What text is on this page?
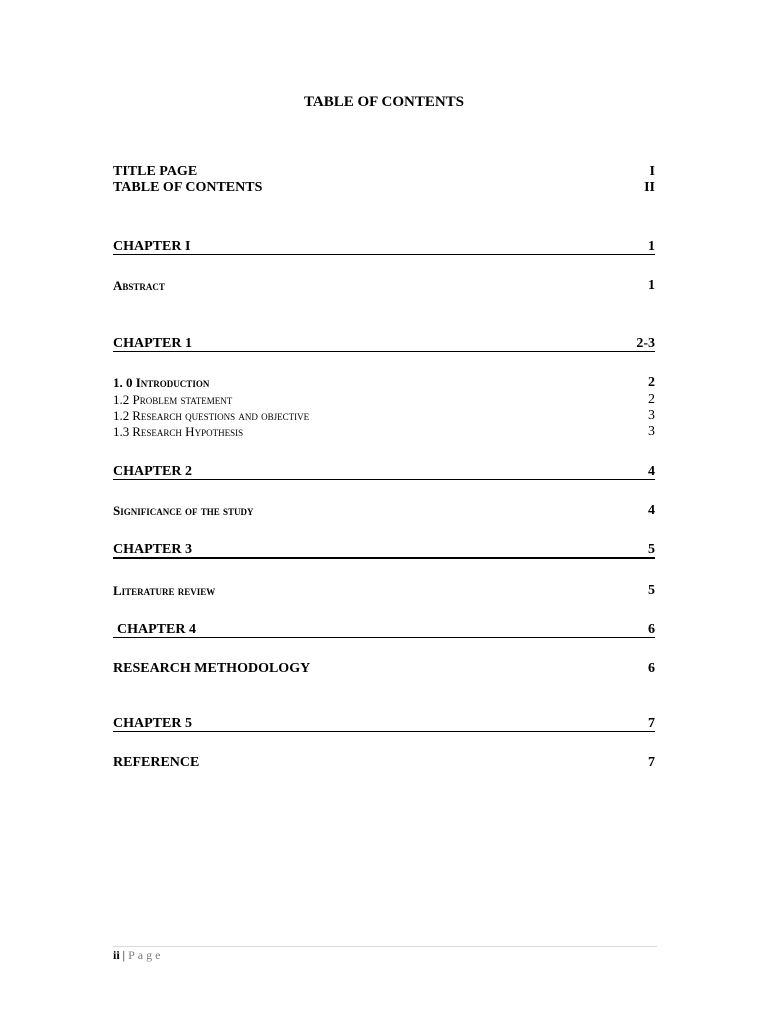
TABLE OF CONTENTS
TITLE PAGE	I
TABLE OF CONTENTS	II
CHAPTER I	1
Abstract	1
CHAPTER 1	2-3
1. 0 Introduction	2
1.2 Problem statement	2
1.2 Research questions and objective	3
1.3 Research Hypothesis	3
CHAPTER 2	4
Significance of the study	4
CHAPTER 3	5
Literature review	5
CHAPTER 4	6
RESEARCH METHODOLOGY	6
CHAPTER 5	7
REFERENCE	7
ii | Page
